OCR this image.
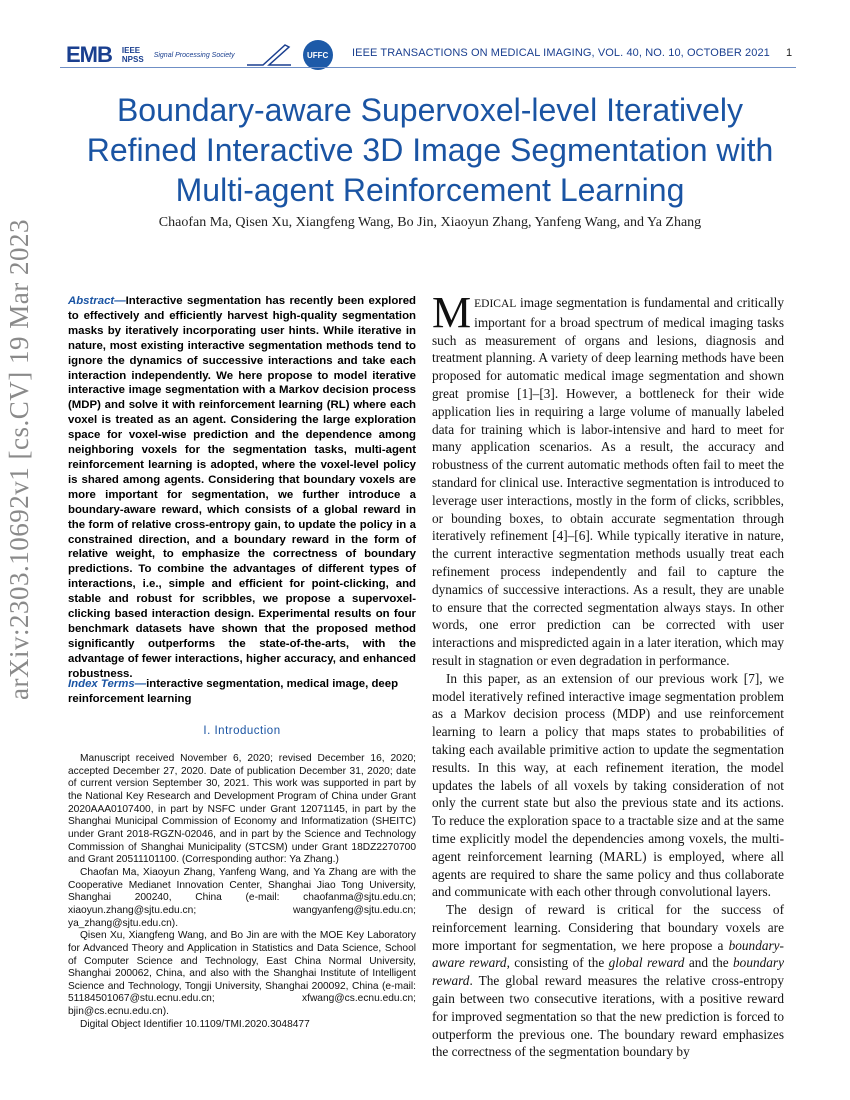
EMB IEEE
NPSS Signal Processing Society	UFFC	IEEE TRANSACTIONS ON MEDICAL IMAGING, VOL. 40, NO. 10, OCTOBER 2021 1
Boundary-aware Supervoxel-level Iteratively Refined Interactive 3D Image Segmentation with Multi-agent Reinforcement Learning
Chaofan Ma, Qisen Xu, Xiangfeng Wang, Bo Jin, Xiaoyun Zhang, Yanfeng Wang, and Ya Zhang
arXiv:2303.10692v1 [cs.CV] 19 Mar 2023	Abstract—Interactive segmentation has recently been explored to effectively and efficiently harvest high-quality segmentation masks by iteratively incorporating user hints. While iterative in nature, most existing interactive segmentation methods tend to ignore the dynamics of successive interactions and take each interaction independently. We here propose to model iterative interactive image segmentation with a Markov decision process (MDP) and solve it with reinforcement learning (RL) where each voxel is treated as an agent. Considering the large exploration space for voxel-wise prediction and the dependence among neighboring voxels for the segmentation tasks, multi-agent reinforcement learning is adopted, where the voxel-level policy is shared among agents. Considering that boundary voxels are more important for segmentation, we further introduce a boundary-aware reward, which consists of a global reward in the form of relative cross-entropy gain, to update the policy in a constrained direction, and a boundary reward in the form of relative weight, to emphasize the correctness of boundary predictions. To combine the advantages of different types of interactions, i.e., simple and efficient for point-clicking, and stable and robust for scribbles, we propose a supervoxel-clicking based interaction design. Experimental results on four benchmark datasets have shown that the proposed method significantly outperforms the state-of-the-arts, with the advantage of fewer interactions, higher accuracy, and enhanced robustness.
Index Terms—interactive segmentation, medical image, deep reinforcement learning
I. Introduction

Manuscript received November 6, 2020; revised December 16, 2020; accepted December 27, 2020. Date of publication December 31, 2020; date of current version September 30, 2021. This work was supported in part by the National Key Research and Development Program of China under Grant 2020AAA0107400, in part by NSFC under Grant 12071145, in part by the Shanghai Municipal Commission of Economy and Informatization (SHEITC) under Grant 2018-RGZN-02046, and in part by the Science and Technology Commission of Shanghai Municipality (STCSM) under Grant 18DZ2270700 and Grant 20511101100. (Corresponding author: Ya Zhang.)

Chaofan Ma, Xiaoyun Zhang, Yanfeng Wang, and Ya Zhang are with the Cooperative Medianet Innovation Center, Shanghai Jiao Tong University, Shanghai 200240, China (e-mail: chaofanma@sjtu.edu.cn; xiaoyun.zhang@sjtu.edu.cn; wangyanfeng@sjtu.edu.cn; ya_zhang@sjtu.edu.cn).

Qisen Xu, Xiangfeng Wang, and Bo Jin are with the MOE Key Laboratory for Advanced Theory and Application in Statistics and Data Science, School of Computer Science and Technology, East China Normal University, Shanghai 200062, China, and also with the Shanghai Institute of Intelligent Science and Technology, Tongji University, Shanghai 200092, China (e-mail: 51184501067@stu.ecnu.edu.cn; xfwang@cs.ecnu.edu.cn; bjin@cs.ecnu.edu.cn).

Digital Object Identifier 10.1109/TMI.2020.3048477

MEDICAL image segmentation is fundamental and critically important for a broad spectrum of medical imaging tasks such as measurement of organs and lesions, diagnosis and treatment planning. A variety of deep learning methods have been proposed for automatic medical image segmentation and shown great promise [1]–[3]. However, a bottleneck for their wide application lies in requiring a large volume of manually labeled data for training which is labor-intensive and hard to meet for many application scenarios. As a result, the accuracy and robustness of the current automatic methods often fail to meet the standard for clinical use. Interactive segmentation is introduced to leverage user interactions, mostly in the form of clicks, scribbles, or bounding boxes, to obtain accurate segmentation through iteratively refinement [4]–[6]. While typically iterative in nature, the current interactive segmentation methods usually treat each refinement process independently and fail to capture the dynamics of successive interactions. As a result, they are unable to ensure that the corrected segmentation always stays. In other words, one error prediction can be corrected with user interactions and mispredicted again in a later iteration, which may result in stagnation or even degradation in performance.

In this paper, as an extension of our previous work [7], we model iteratively refined interactive image segmentation problem as a Markov decision process (MDP) and use reinforcement learning to learn a policy that maps states to probabilities of taking each available primitive action to update the segmentation results. In this way, at each refinement iteration, the model updates the labels of all voxels by taking consideration of not only the current state but also the previous state and its actions. To reduce the exploration space to a tractable size and at the same time explicitly model the dependencies among voxels, the multi-agent reinforcement learning (MARL) is employed, where all agents are required to share the same policy and thus collaborate and communicate with each other through convolutional layers.

The design of reward is critical for the success of reinforcement learning. Considering that boundary voxels are more important for segmentation, we here propose a boundary-aware reward, consisting of the global reward and the boundary reward. The global reward measures the relative cross-entropy gain between two consecutive iterations, with a positive reward for improved segmentation so that the new prediction is forced to outperform the previous one. The boundary reward emphasizes the correctness of the segmentation boundary by
